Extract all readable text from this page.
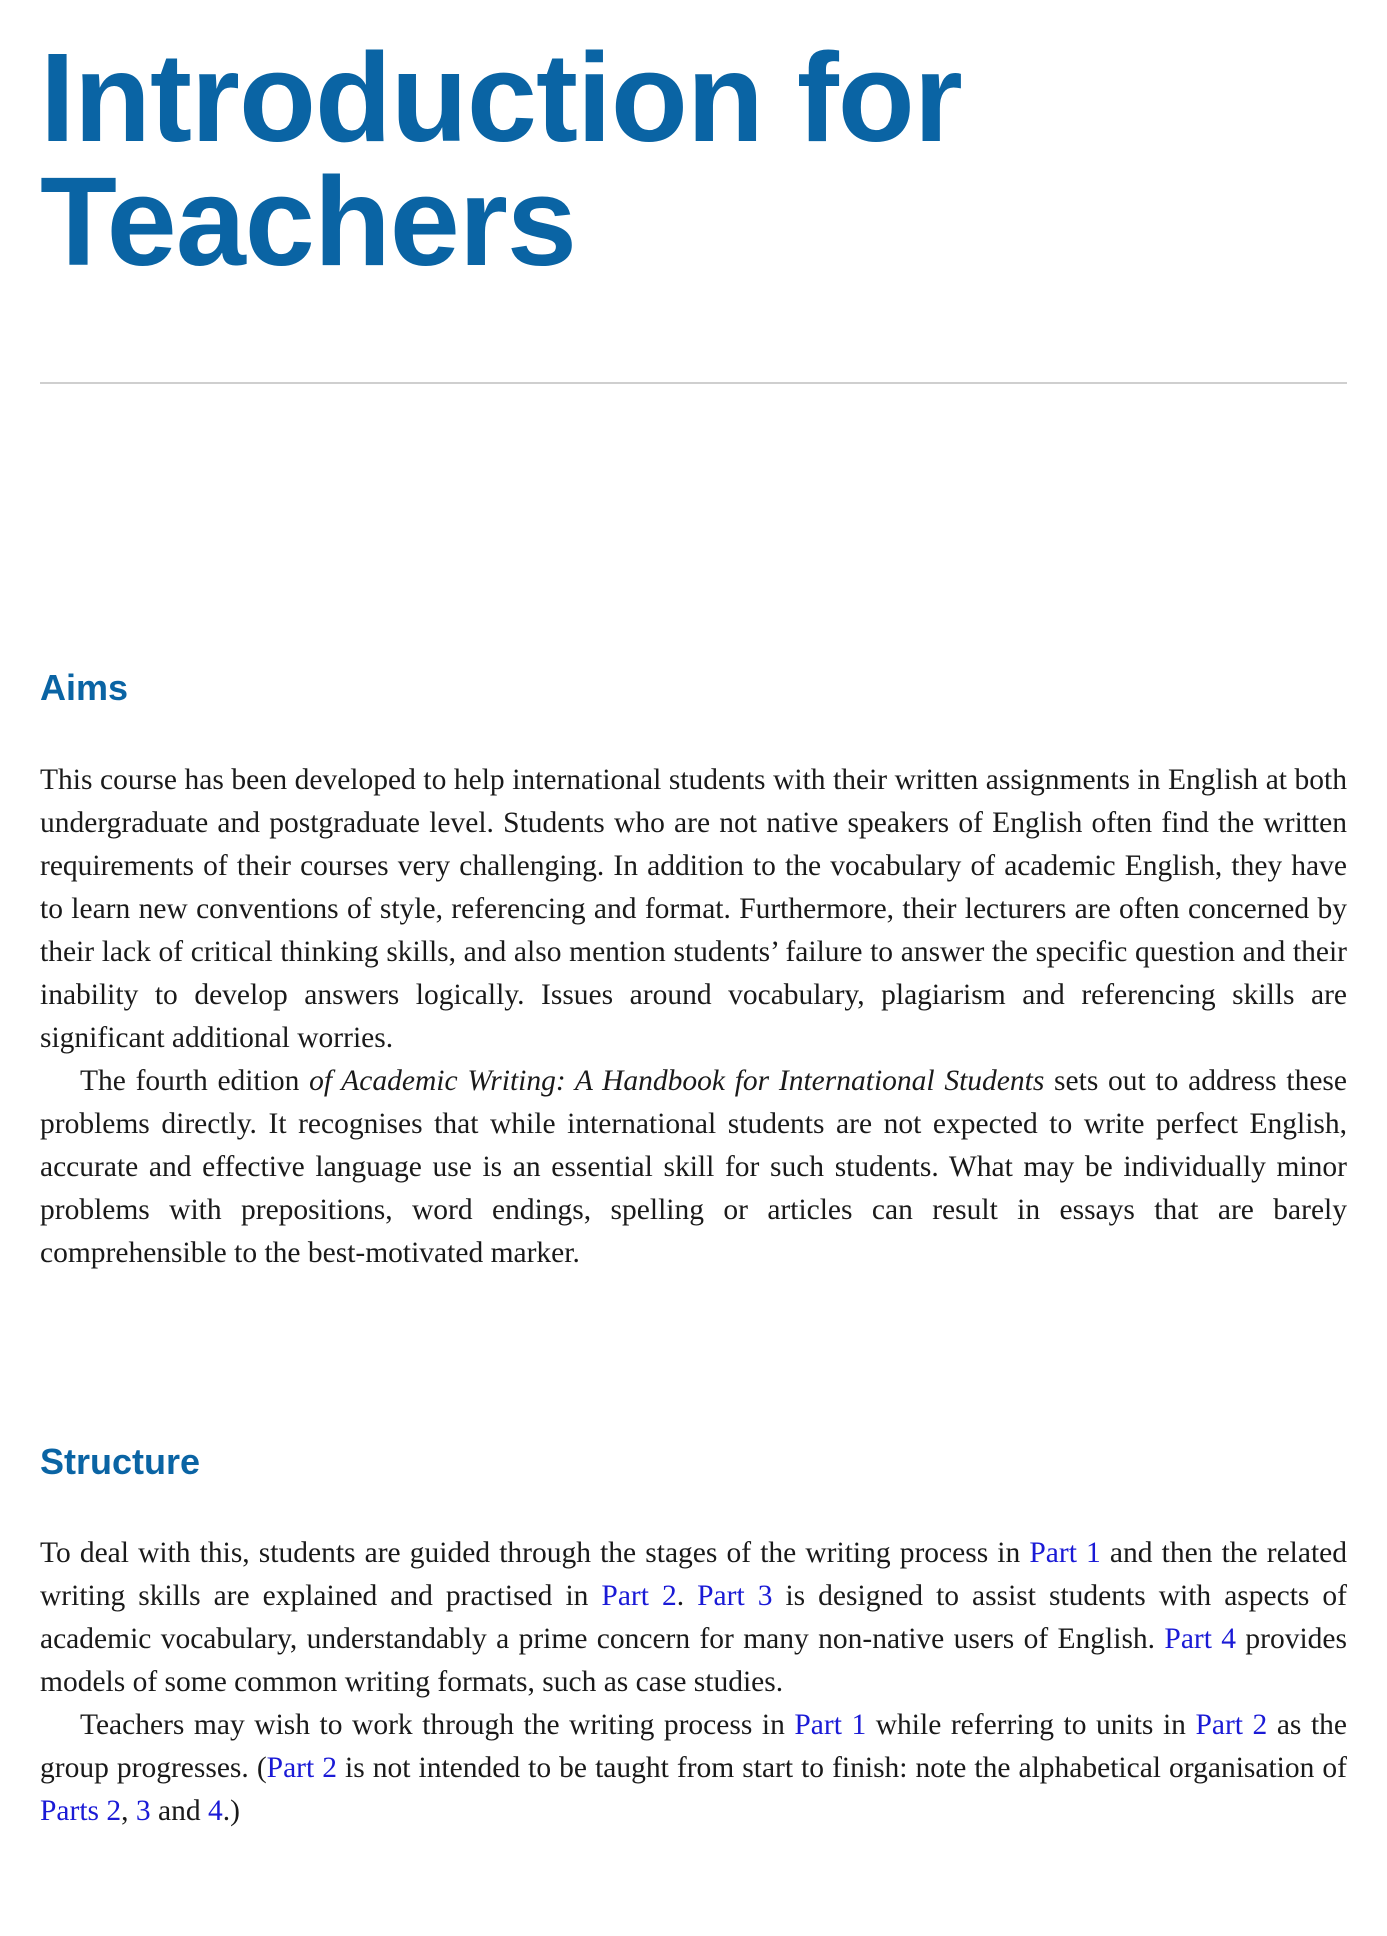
Introduction for
Teachers
Aims

This course has been developed to help international students with their written assignments in English at both undergraduate and postgraduate level. Students who are not native speakers of English often find the written requirements of their courses very challenging. In addition to the vocabulary of academic English, they have to learn new conventions of style, referencing and format. Furthermore, their lecturers are often concerned by their lack of critical thinking skills, and also mention students’ failure to answer the specific question and their inability to develop answers logically. Issues around vocabulary, plagiarism and referencing skills are significant additional worries.

The fourth edition of Academic Writing: A Handbook for International Students sets out to address these problems directly. It recognises that while international students are not expected to write perfect English, accurate and effective language use is an essential skill for such students. What may be individually minor problems with prepositions, word endings, spelling or articles can result in essays that are barely comprehensible to the best-motivated marker.

Structure

To deal with this, students are guided through the stages of the writing process in Part 1 and then the related writing skills are explained and practised in Part 2. Part 3 is designed to assist students with aspects of academic vocabulary, understandably a prime concern for many non-native users of English. Part 4 provides models of some common writing formats, such as case studies.

Teachers may wish to work through the writing process in Part 1 while referring to units in Part 2 as the group progresses. (Part 2 is not intended to be taught from start to finish: note the alphabetical organisation of Parts 2, 3 and 4.)
